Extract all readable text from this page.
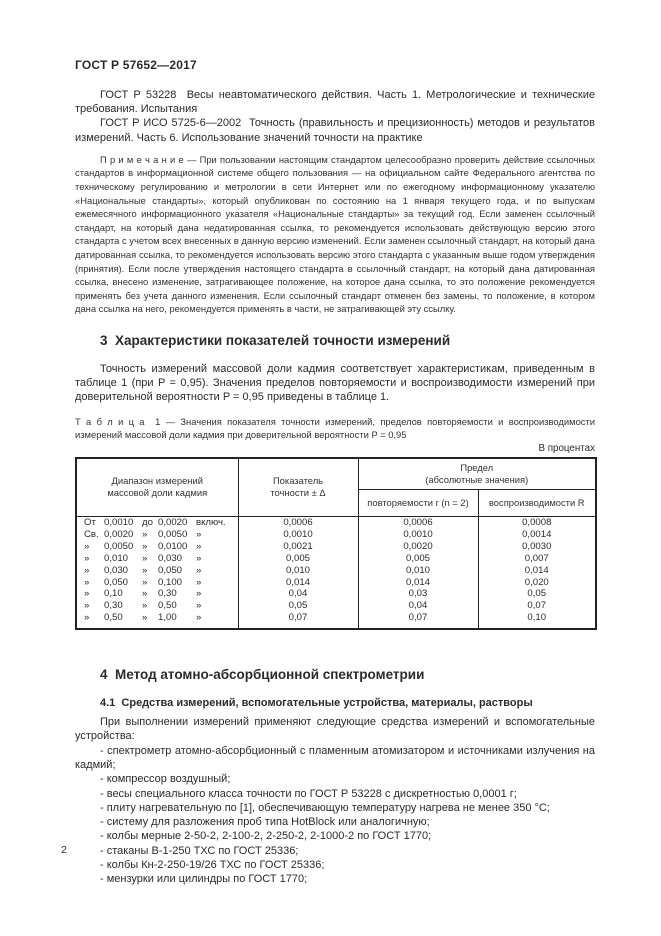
ГОСТ Р 57652—2017

ГОСТ Р 53228  Весы неавтоматического действия. Часть 1. Метрологические и технические требования. Испытания

ГОСТ Р ИСО 5725-6—2002  Точность (правильность и прецизионность) методов и результатов измерений. Часть 6. Использование значений точности на практике

П р и м е ч а н и е — При пользовании настоящим стандартом целесообразно проверить действие ссылочных стандартов в информационной системе общего пользования — на официальном сайте Федерального агентства по техническому регулированию и метрологии в сети Интернет или по ежегодному информационному указателю «Национальные стандарты», который опубликован по состоянию на 1 января текущего года, и по выпускам ежемесячного информационного указателя «Национальные стандарты» за текущий год. Если заменен ссылочный стандарт, на который дана недатированная ссылка, то рекомендуется использовать действующую версию этого стандарта с учетом всех внесенных в данную версию изменений. Если заменен ссылочный стандарт, на который дана датированная ссылка, то рекомендуется использовать версию этого стандарта с указанным выше годом утверждения (принятия). Если после утверждения настоящего стандарта в ссылочный стандарт, на который дана датированная ссылка, внесено изменение, затрагивающее положение, на которое дана ссылка, то это положение рекомендуется применять без учета данного изменения. Если ссылочный стандарт отменен без замены, то положение, в котором дана ссылка на него, рекомендуется применять в части, не затрагивающей эту ссылку.

3  Характеристики показателей точности измерений

Точность измерений массовой доли кадмия соответствует характеристикам, приведенным в таблице 1 (при P = 0,95). Значения пределов повторяемости и воспроизводимости измерений при доверительной вероятности P = 0,95 приведены в таблице 1.

Т а б л и ц а  1 — Значения показателя точности измерений, пределов повторяемости и воспроизводимости измерений массовой доли кадмия при доверительной вероятности P = 0,95

В процентах
Диапазон измерений
массовой доли кадмия

Показатель
точности ± Δ

Предел
(абсолютные значения)

		повторяемости r (n = 2)	воспроизводимости R

От 0,0010 до 0,0020 включ.	0,0006	0,0006	0,0008

Св. 0,0020 » 0,0050 »	0,0010	0,0010	0,0014

» 0,0050 » 0,0100 »	0,0021	0,0020	0,0030

» 0,010 » 0,030 »	0,005	0,005	0,007

» 0,030 » 0,050 »	0,010	0,010	0,014

» 0,050 » 0,100 »	0,014	0,014	0,020

» 0,10 » 0,30 »	0,04	0,03	0,05

» 0,30 » 0,50 »	0,05	0,04	0,07

» 0,50 » 1,00 »	0,07	0,07	0,10
4  Метод атомно-абсорбционной спектрометрии
4.1  Средства измерений, вспомогательные устройства, материалы, растворы

При выполнении измерений применяют следующие средства измерений и вспомогательные устройства:

- спектрометр атомно-абсорбционный с пламенным атомизатором и источниками излучения на кадмий;
- компрессор воздушный;
- весы специального класса точности по ГОСТ Р 53228 с дискретностью 0,0001 г;
- плиту нагревательную по [1], обеспечивающую температуру нагрева не менее 350 °С;
- систему для разложения проб типа HotBlock или аналогичную;
- колбы мерные 2-50-2, 2-100-2, 2-250-2, 2-1000-2 по ГОСТ 1770;
- стаканы В-1-250 ТХС по ГОСТ 25336;
- колбы Кн-2-250-19/26 ТХС по ГОСТ 25336;
- мензурки или цилиндры по ГОСТ 1770;
2
